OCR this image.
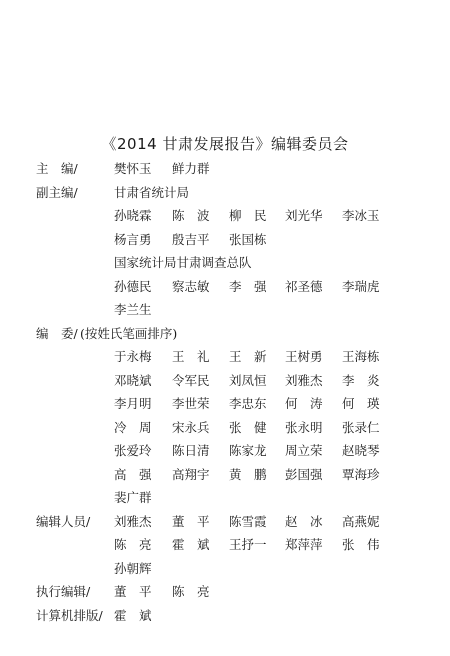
《2014 甘肃发展报告》编辑委员会
主　编/	樊怀玉 鲜力群
副主编/	甘肃省统计局
孙晓霖 陈　波 柳　民 刘光华 李冰玉
杨言勇 殷吉平 张国栋
国家统计局甘肃调查总队
孙德民 察志敏 李　强 祁圣德 李瑞虎
李兰生
编　委/ (按姓氏笔画排序)
于永梅 王　礼 王　新 王树勇 王海栋
邓晓斌 令军民 刘凤恒 刘雅杰 李　炎
李月明 李世荣 李忠东 何　涛 何　瑛
冷　周 宋永兵 张　健 张永明 张录仁
张爱玲 陈日清 陈家龙 周立荣 赵晓琴
高　强 高翔宇 黄　鹏 彭国强 覃海珍
裴广群
编辑人员/	刘雅杰 董　平 陈雪霞 赵　冰 高燕妮
陈　亮 霍　斌 王抒一 郑萍萍 张　伟
孙朝辉
执行编辑/	董　平 陈　亮
计算机排版/ 霍　斌
